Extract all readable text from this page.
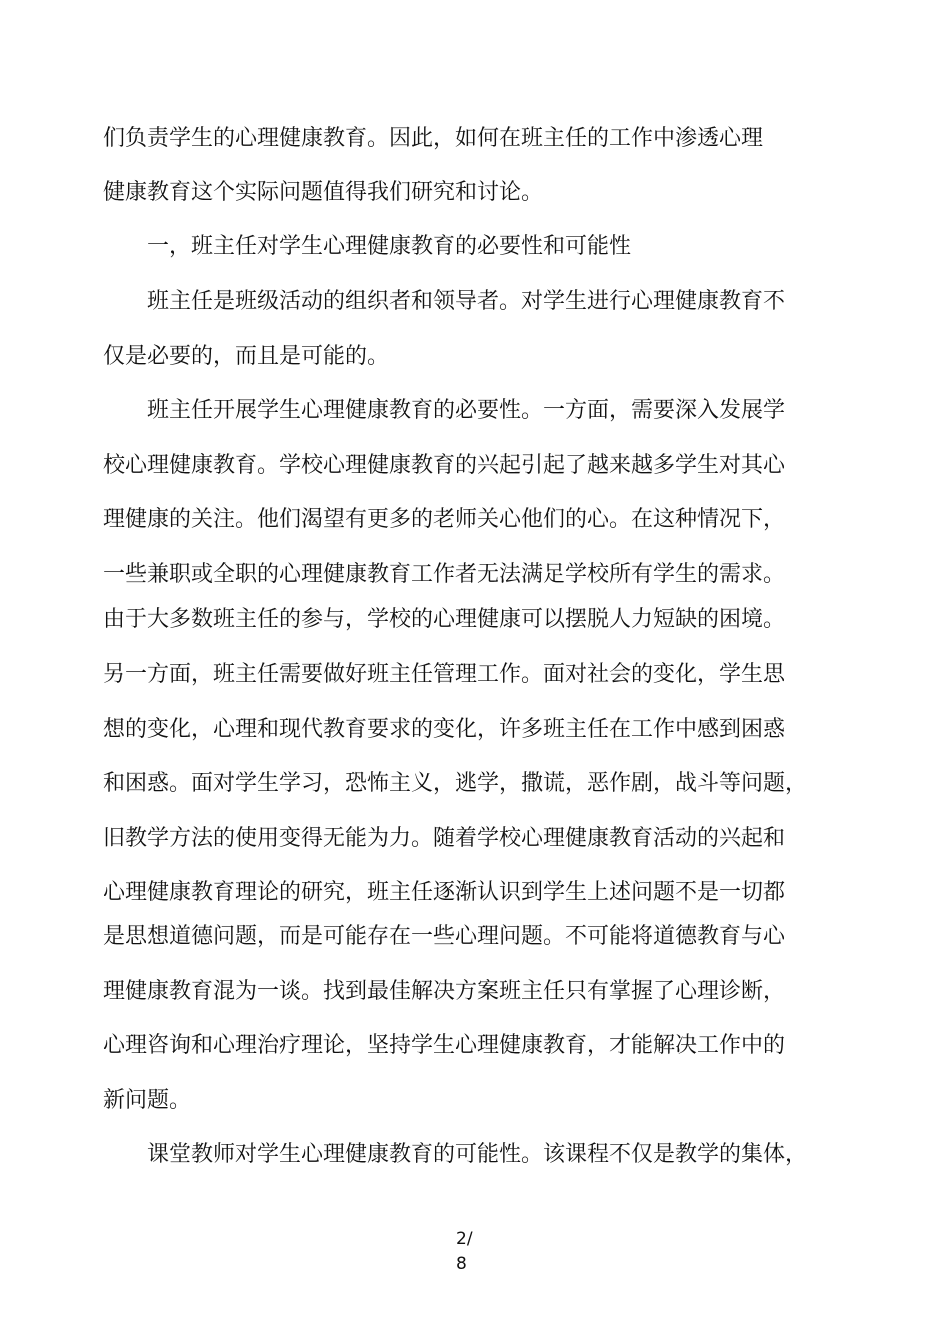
们负责学生的心理健康教育。因此，如何在班主任的工作中渗透心理
健康教育这个实际问题值得我们研究和讨论。
一，班主任对学生心理健康教育的必要性和可能性
班主任是班级活动的组织者和领导者。对学生进行心理健康教育不
仅是必要的，而且是可能的。
班主任开展学生心理健康教育的必要性。一方面，需要深入发展学
校心理健康教育。学校心理健康教育的兴起引起了越来越多学生对其心
理健康的关注。他们渴望有更多的老师关心他们的心。在这种情况下，
一些兼职或全职的心理健康教育工作者无法满足学校所有学生的需求。
由于大多数班主任的参与，学校的心理健康可以摆脱人力短缺的困境。
另一方面，班主任需要做好班主任管理工作。面对社会的变化，学生思
想的变化，心理和现代教育要求的变化，许多班主任在工作中感到困惑
和困惑。面对学生学习，恐怖主义，逃学，撒谎，恶作剧，战斗等问题，
旧教学方法的使用变得无能为力。随着学校心理健康教育活动的兴起和
心理健康教育理论的研究，班主任逐渐认识到学生上述问题不是一切都
是思想道德问题，而是可能存在一些心理问题。不可能将道德教育与心
理健康教育混为一谈。找到最佳解决方案班主任只有掌握了心理诊断，
心理咨询和心理治疗理论，坚持学生心理健康教育，才能解决工作中的
新问题。
课堂教师对学生心理健康教育的可能性。该课程不仅是教学的集体，
2/
8
